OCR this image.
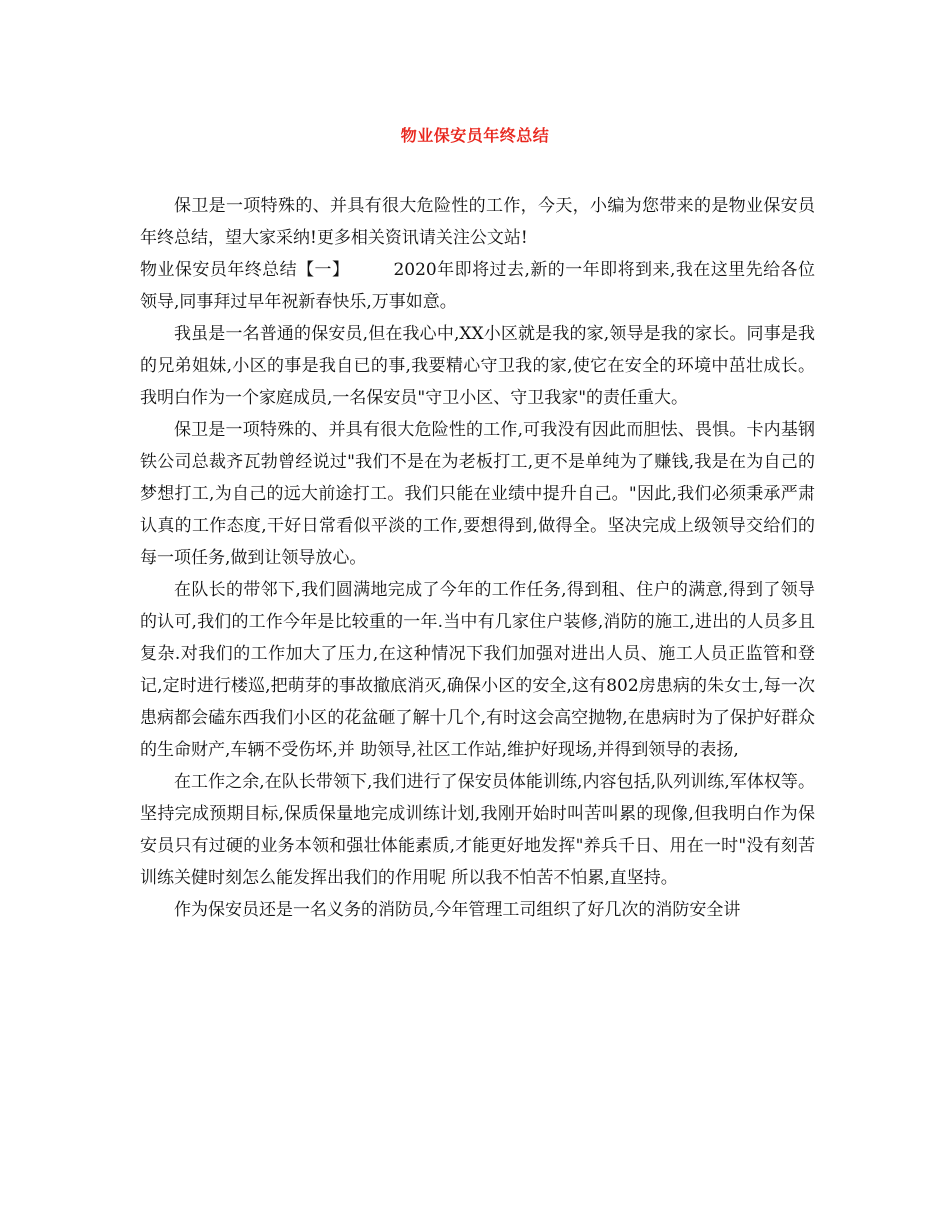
物业保安员年终总结

保卫是一项特殊的、并具有很大危险性的工作，今天，小编为您带来的是物业保安员年终总结，望大家采纳!更多相关资讯请关注公文站!

物业保安员年终总结【一】	2020年即将过去,新的一年即将到来,我在这里先给各位领导,同事拜过早年祝新春快乐,万事如意。

我虽是一名普通的保安员,但在我心中,XX小区就是我的家,领导是我的家长。同事是我的兄弟姐妹,小区的事是我自已的事,我要精心守卫我的家,使它在安全的环境中茁壮成长。我明白作为一个家庭成员,一名保安员"守卫小区、守卫我家"的责任重大。

保卫是一项特殊的、并具有很大危险性的工作,可我没有因此而胆怯、畏惧。卡内基钢铁公司总裁齐瓦勃曾经说过"我们不是在为老板打工,更不是单纯为了赚钱,我是在为自己的梦想打工,为自己的远大前途打工。我们只能在业绩中提升自己。"因此,我们必须秉承严肃认真的工作态度,干好日常看似平淡的工作,要想得到,做得全。坚决完成上级领导交给们的每一项任务,做到让领导放心。

在队长的带邻下,我们圆满地完成了今年的工作任务,得到租、住户的满意,得到了领导的认可,我们的工作今年是比较重的一年.当中有几家住户装修,消防的施工,进出的人员多且复杂.对我们的工作加大了压力,在这种情况下我们加强对进出人员、施工人员正监管和登记,定时进行楼巡,把萌芽的事故撤底消灭,确保小区的安全,这有802房患病的朱女士,每一次患病都会磕东西我们小区的花盆砸了解十几个,有时这会高空抛物,在患病时为了保护好群众的生命财产,车辆不受伤坏,并 助领导,社区工作站,维护好现场,并得到领导的表扬,

在工作之余,在队长带领下,我们进行了保安员体能训练,内容包括,队列训练,军体权等。坚持完成预期目标,保质保量地完成训练计划,我刚开始时叫苦叫累的现像,但我明白作为保安员只有过硬的业务本领和强壮体能素质,才能更好地发挥"养兵千日、用在一时"没有刻苦训练关健时刻怎么能发挥出我们的作用呢 所以我不怕苦不怕累,直坚持。

作为保安员还是一名义务的消防员,今年管理工司组织了好几次的消防安全讲
